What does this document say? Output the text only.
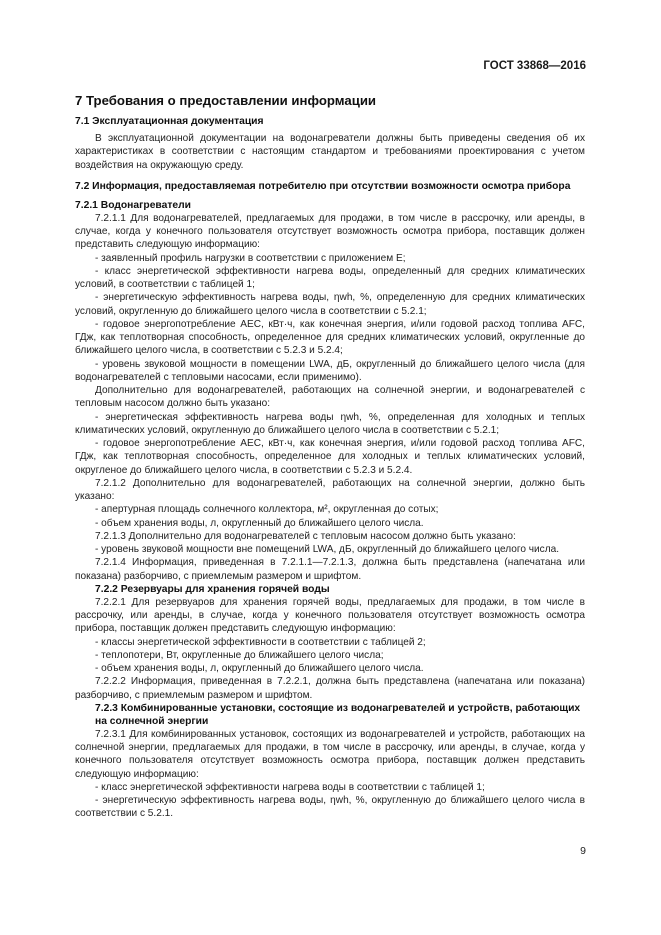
ГОСТ 33868—2016
7 Требования о предоставлении информации
7.1 Эксплуатационная документация

В эксплуатационной документации на водонагреватели должны быть приведены сведения об их характеристиках в соответствии с настоящим стандартом и требованиями проектирования с учетом воздействия на окружающую среду.

7.2 Информация, предоставляемая потребителю при отсутствии возможности осмотра прибора
7.2.1 Водонагреватели

7.2.1.1 Для водонагревателей, предлагаемых для продажи, в том числе в рассрочку, или аренды, в случае, когда у конечного пользователя отсутствует возможность осмотра прибора, поставщик должен представить следующую информацию:

- заявленный профиль нагрузки в соответствии с приложением Е;

- класс энергетической эффективности нагрева воды, определенный для средних климатических условий, в соответствии с таблицей 1;

- энергетическую эффективность нагрева воды, ηwh, %, определенную для средних климатических условий, округленную до ближайшего целого числа в соответствии с 5.2.1;

- годовое энергопотребление AEC, кВт·ч, как конечная энергия, и/или годовой расход топлива AFC, ГДж, как теплотворная способность, определенное для средних климатических условий, округленные до ближайшего целого числа, в соответствии с 5.2.3 и 5.2.4;

- уровень звуковой мощности в помещении LWA, дБ, округленный до ближайшего целого числа (для водонагревателей с тепловыми насосами, если применимо).

Дополнительно для водонагревателей, работающих на солнечной энергии, и водонагревателей с тепловым насосом должно быть указано:

- энергетическая эффективность нагрева воды ηwh, %, определенная для холодных и теплых климатических условий, округленную до ближайшего целого числа в соответствии с 5.2.1;

- годовое энергопотребление AEC, кВт·ч, как конечная энергия, и/или годовой расход топлива AFC, ГДж, как теплотворная способность, определенное для холодных и теплых климатических условий, округленое до ближайшего целого числа, в соответствии с 5.2.3 и 5.2.4.

7.2.1.2 Дополнительно для водонагревателей, работающих на солнечной энергии, должно быть указано:

- апертурная площадь солнечного коллектора, м², округленная до сотых;

- объем хранения воды, л, округленный до ближайшего целого числа.

7.2.1.3 Дополнительно для водонагревателей с тепловым насосом должно быть указано:

- уровень звуковой мощности вне помещений LWA, дБ, округленный до ближайшего целого числа.

7.2.1.4 Информация, приведенная в 7.2.1.1—7.2.1.3, должна быть представлена (напечатана или показана) разборчиво, с приемлемым размером и шрифтом.

7.2.2 Резервуары для хранения горячей воды

7.2.2.1 Для резервуаров для хранения горячей воды, предлагаемых для продажи, в том числе в рассрочку, или аренды, в случае, когда у конечного пользователя отсутствует возможность осмотра прибора, поставщик должен представить следующую информацию:

- классы энергетической эффективности в соответствии с таблицей 2;

- теплопотери, Вт, округленные до ближайшего целого числа;

- объем хранения воды, л, округленный до ближайшего целого числа.

7.2.2.2 Информация, приведенная в 7.2.2.1, должна быть представлена (напечатана или показана) разборчиво, с приемлемым размером и шрифтом.

7.2.3 Комбинированные установки, состоящие из водонагревателей и устройств, работающих на солнечной энергии

7.2.3.1 Для комбинированных установок, состоящих из водонагревателей и устройств, работающих на солнечной энергии, предлагаемых для продажи, в том числе в рассрочку, или аренды, в случае, когда у конечного пользователя отсутствует возможность осмотра прибора, поставщик должен представить следующую информацию:

- класс энергетической эффективности нагрева воды в соответствии с таблицей 1;

- энергетическую эффективность нагрева воды, ηwh, %, округленную до ближайшего целого числа в соответствии с 5.2.1.

9
